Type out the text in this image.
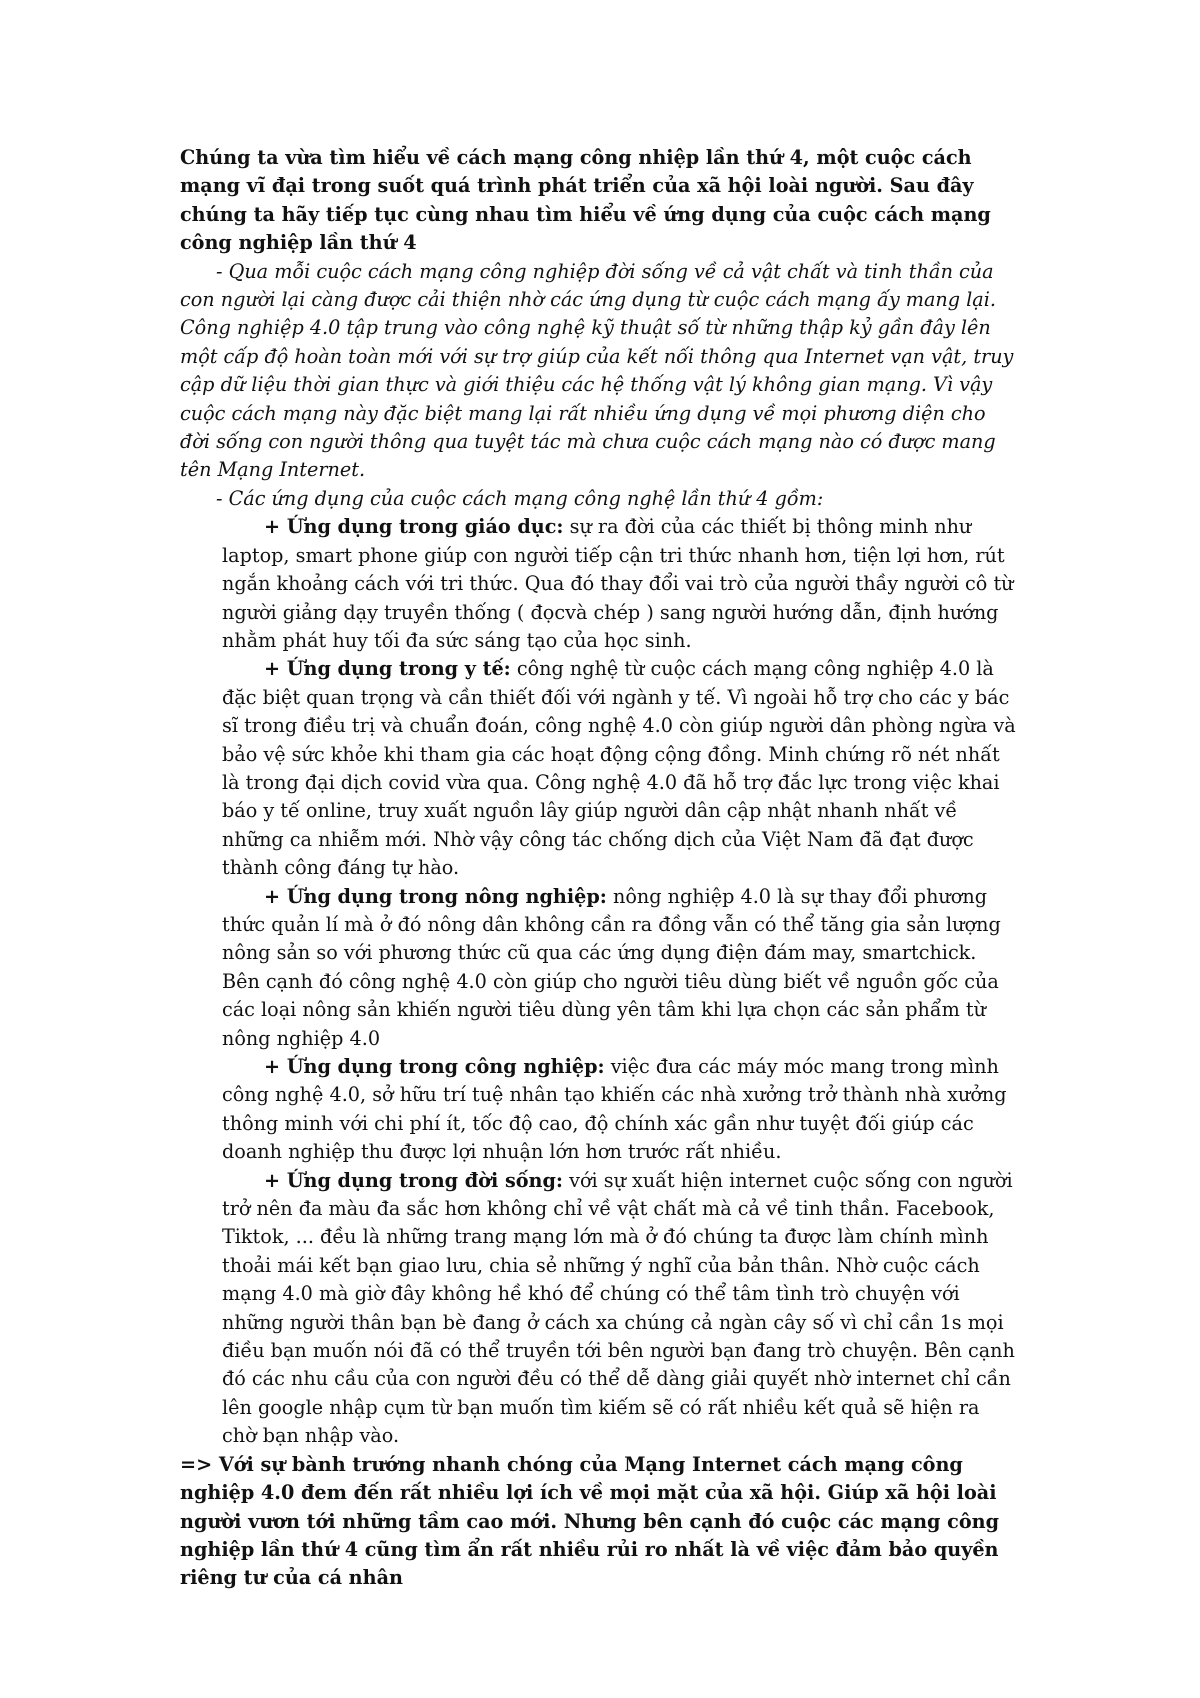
Chúng ta vừa tìm hiểu về cách mạng công nhiệp lần thứ 4, một cuộc cách mạng vĩ đại trong suốt quá trình phát triển của xã hội loài người. Sau đây chúng ta hãy tiếp tục cùng nhau tìm hiểu về ứng dụng của cuộc cách mạng công nghiệp lần thứ 4

- Qua mỗi cuộc cách mạng công nghiệp đời sống về cả vật chất và tinh thần của con người lại càng được cải thiện nhờ các ứng dụng từ cuộc cách mạng ấy mang lại. Công nghiệp 4.0 tập trung vào công nghệ kỹ thuật số từ những thập kỷ gần đây lên một cấp độ hoàn toàn mới với sự trợ giúp của kết nối thông qua Internet vạn vật, truy cập dữ liệu thời gian thực và giới thiệu các hệ thống vật lý không gian mạng. Vì vậy cuộc cách mạng này đặc biệt mang lại rất nhiều ứng dụng về mọi phương diện cho đời sống con người thông qua tuyệt tác mà chưa cuộc cách mạng nào có được mang tên Mạng Internet.

- Các ứng dụng của cuộc cách mạng công nghệ lần thứ 4 gồm:

+ Ứng dụng trong giáo dục: sự ra đời của các thiết bị thông minh như laptop, smart phone giúp con người tiếp cận tri thức nhanh hơn, tiện lợi hơn, rút ngắn khoảng cách với tri thức. Qua đó thay đổi vai trò của người thầy người cô từ người giảng dạy truyền thống ( đọcvà chép ) sang người hướng dẫn, định hướng nhằm phát huy tối đa sức sáng tạo của học sinh.

+ Ứng dụng trong y tế: công nghệ từ cuộc cách mạng công nghiệp 4.0 là đặc biệt quan trọng và cần thiết đối với ngành y tế. Vì ngoài hỗ trợ cho các y bác sĩ trong điều trị và chuẩn đoán, công nghệ 4.0 còn giúp người dân phòng ngừa và bảo vệ sức khỏe khi tham gia các hoạt động cộng đồng. Minh chứng rõ nét nhất là trong đại dịch covid vừa qua. Công nghệ 4.0 đã hỗ trợ đắc lực trong việc khai báo y tế online, truy xuất nguồn lây giúp người dân cập nhật nhanh nhất về những ca nhiễm mới. Nhờ vậy công tác chống dịch của Việt Nam đã đạt được thành công đáng tự hào.

+ Ứng dụng trong nông nghiệp: nông nghiệp 4.0 là sự thay đổi phương thức quản lí mà ở đó nông dân không cần ra đồng vẫn có thể tăng gia sản lượng nông sản so với phương thức cũ qua các ứng dụng điện đám may, smartchick. Bên cạnh đó công nghệ 4.0 còn giúp cho người tiêu dùng biết về nguồn gốc của các loại nông sản khiến người tiêu dùng yên tâm khi lựa chọn các sản phẩm từ nông nghiệp 4.0

+ Ứng dụng trong công nghiệp: việc đưa các máy móc mang trong mình công nghệ 4.0, sở hữu trí tuệ nhân tạo khiến các nhà xưởng trở thành nhà xưởng thông minh với chi phí ít, tốc độ cao, độ chính xác gần như tuyệt đối giúp các doanh nghiệp thu được lợi nhuận lớn hơn trước rất nhiều.

+ Ứng dụng trong đời sống: với sự xuất hiện internet cuộc sống con người trở nên đa màu đa sắc hơn không chỉ về vật chất mà cả về tinh thần. Facebook, Tiktok, ... đều là những trang mạng lớn mà ở đó chúng ta được làm chính mình thoải mái kết bạn giao lưu, chia sẻ những ý nghĩ của bản thân. Nhờ cuộc cách mạng 4.0 mà giờ đây không hề khó để chúng có thể tâm tình trò chuyện với những người thân bạn bè đang ở cách xa chúng cả ngàn cây số vì chỉ cần 1s mọi điều bạn muốn nói đã có thể truyền tới bên người bạn đang trò chuyện. Bên cạnh đó các nhu cầu của con người đều có thể dễ dàng giải quyết nhờ internet chỉ cần lên google nhập cụm từ bạn muốn tìm kiếm sẽ có rất nhiều kết quả sẽ hiện ra chờ bạn nhập vào.

=> Với sự bành trướng nhanh chóng của Mạng Internet cách mạng công nghiệp 4.0 đem đến rất nhiều lợi ích về mọi mặt của xã hội. Giúp xã hội loài người vươn tới những tầm cao mới. Nhưng bên cạnh đó cuộc các mạng công nghiệp lần thứ 4 cũng tìm ẩn rất nhiều rủi ro nhất là về việc đảm bảo quyền riêng tư của cá nhân
